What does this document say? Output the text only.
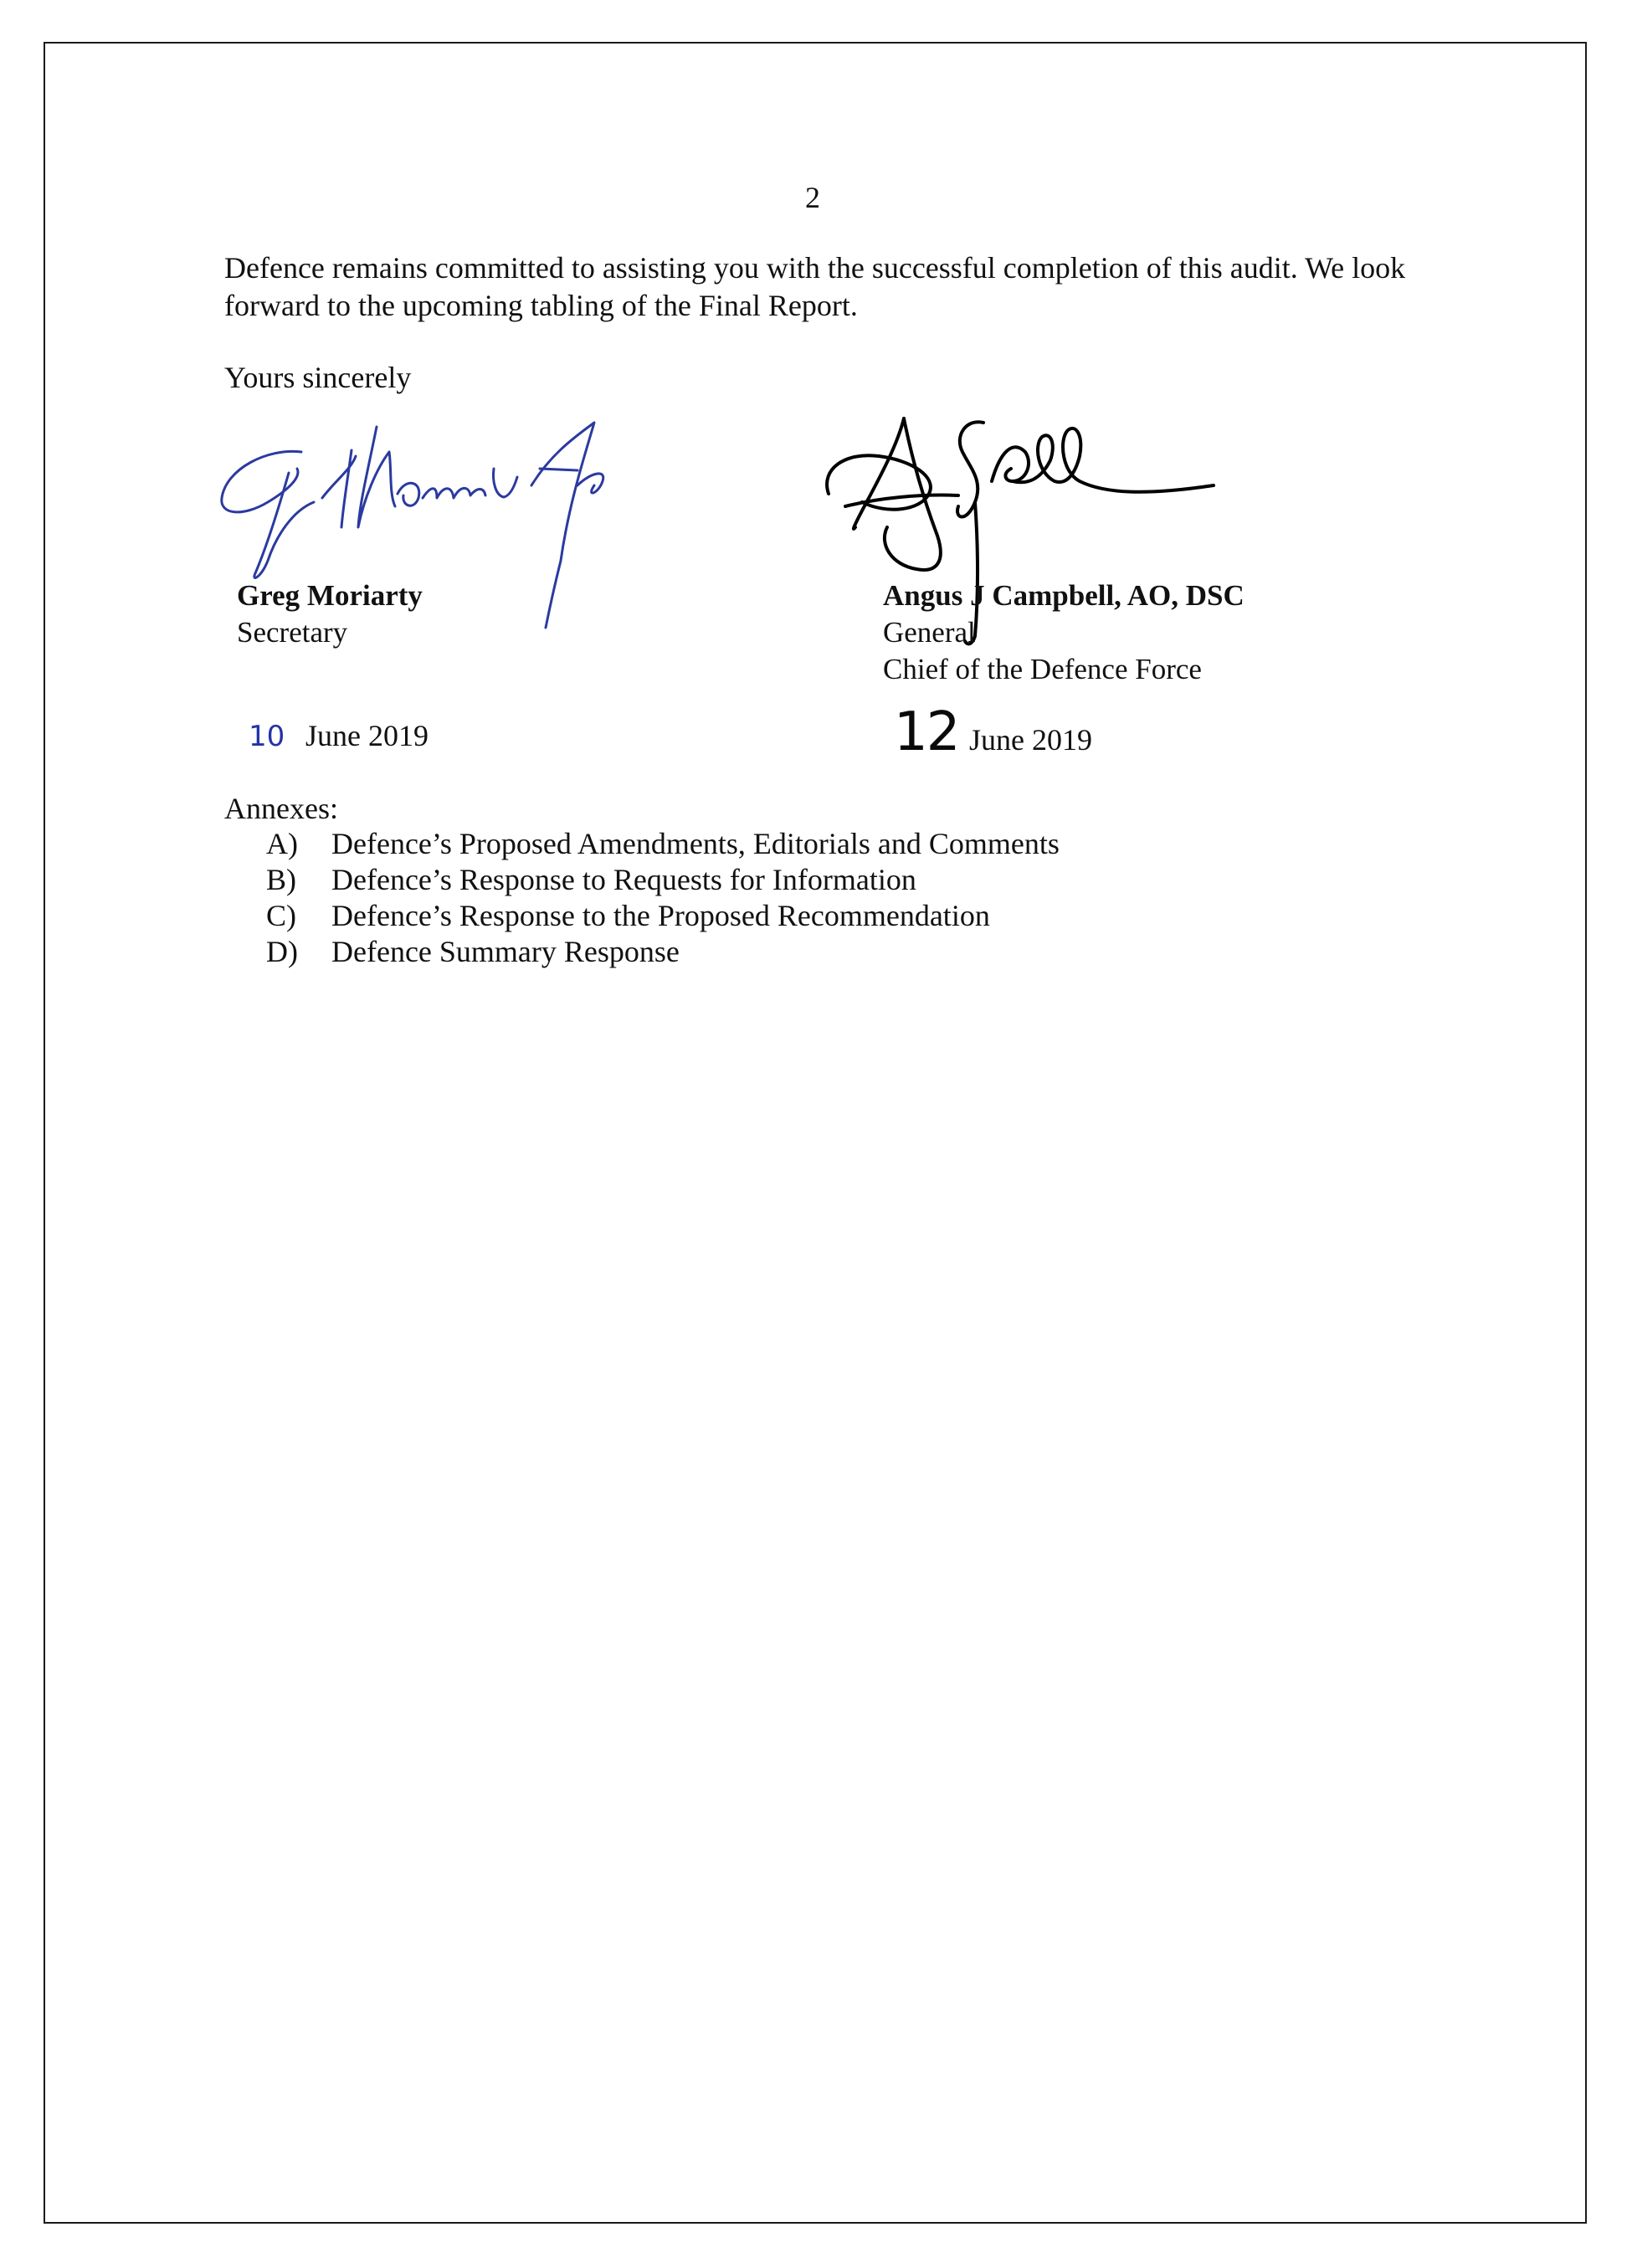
2

Defence remains committed to assisting you with the successful completion of this audit. We look forward to the upcoming tabling of the Final Report.

Yours sincerely
Greg Moriarty
Secretary
Angus J Campbell, AO, DSC
General
Chief of the Defence Force
10 June 2019	12 June 2019
Annexes:
A)	Defence’s Proposed Amendments, Editorials and Comments
B)	Defence’s Response to Requests for Information
C)	Defence’s Response to the Proposed Recommendation
D)	Defence Summary Response
